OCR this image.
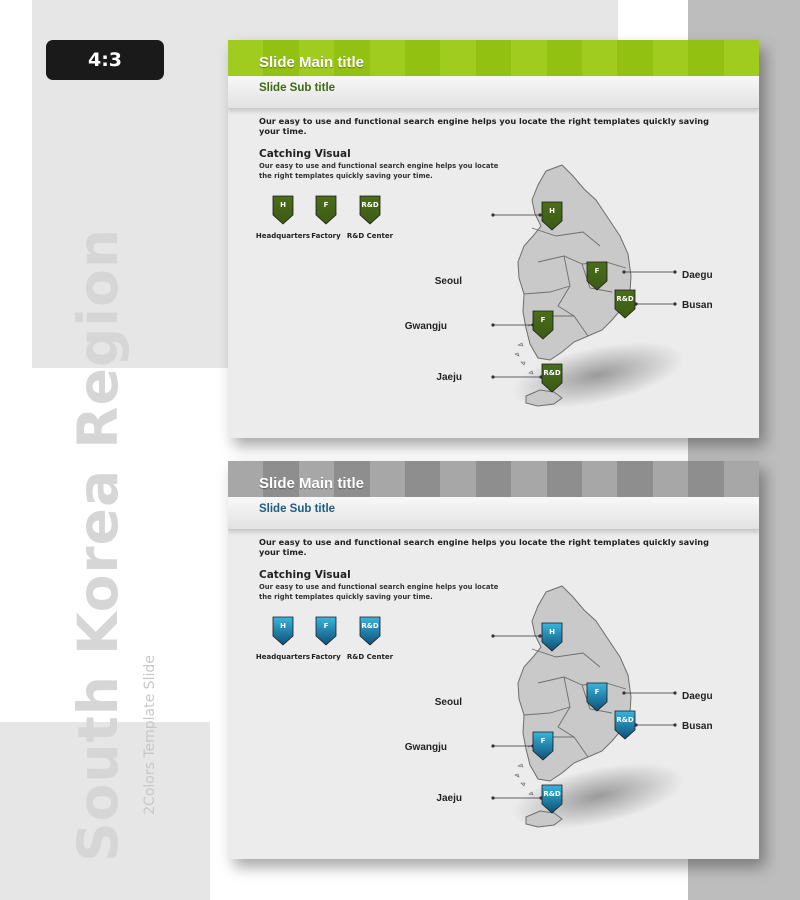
4:3
South Korea Region 2Colors Template Slide
Slide Main title
Slide Sub title
Our easy to use and functional search engine helps you locate the right templates quickly saving your time.
Catching Visual
Our easy to use and functional search engine helps you locate the right templates quickly saving your time.
H
Headquarters
F
Factory
R&D
R&D Center
Seoul
H
Daegu
F
Busan
R&D
Gwangju
F
Jaeju	R&D
Slide Main title
Slide Sub title
Our easy to use and functional search engine helps you locate the right templates quickly saving your time.
Catching Visual
Our easy to use and functional search engine helps you locate the right templates quickly saving your time.
H
Headquarters
F
Factory
R&D
R&D Center
Seoul
H
Daegu
F
Busan
R&D
Gwangju
F
Jaeju	R&D
